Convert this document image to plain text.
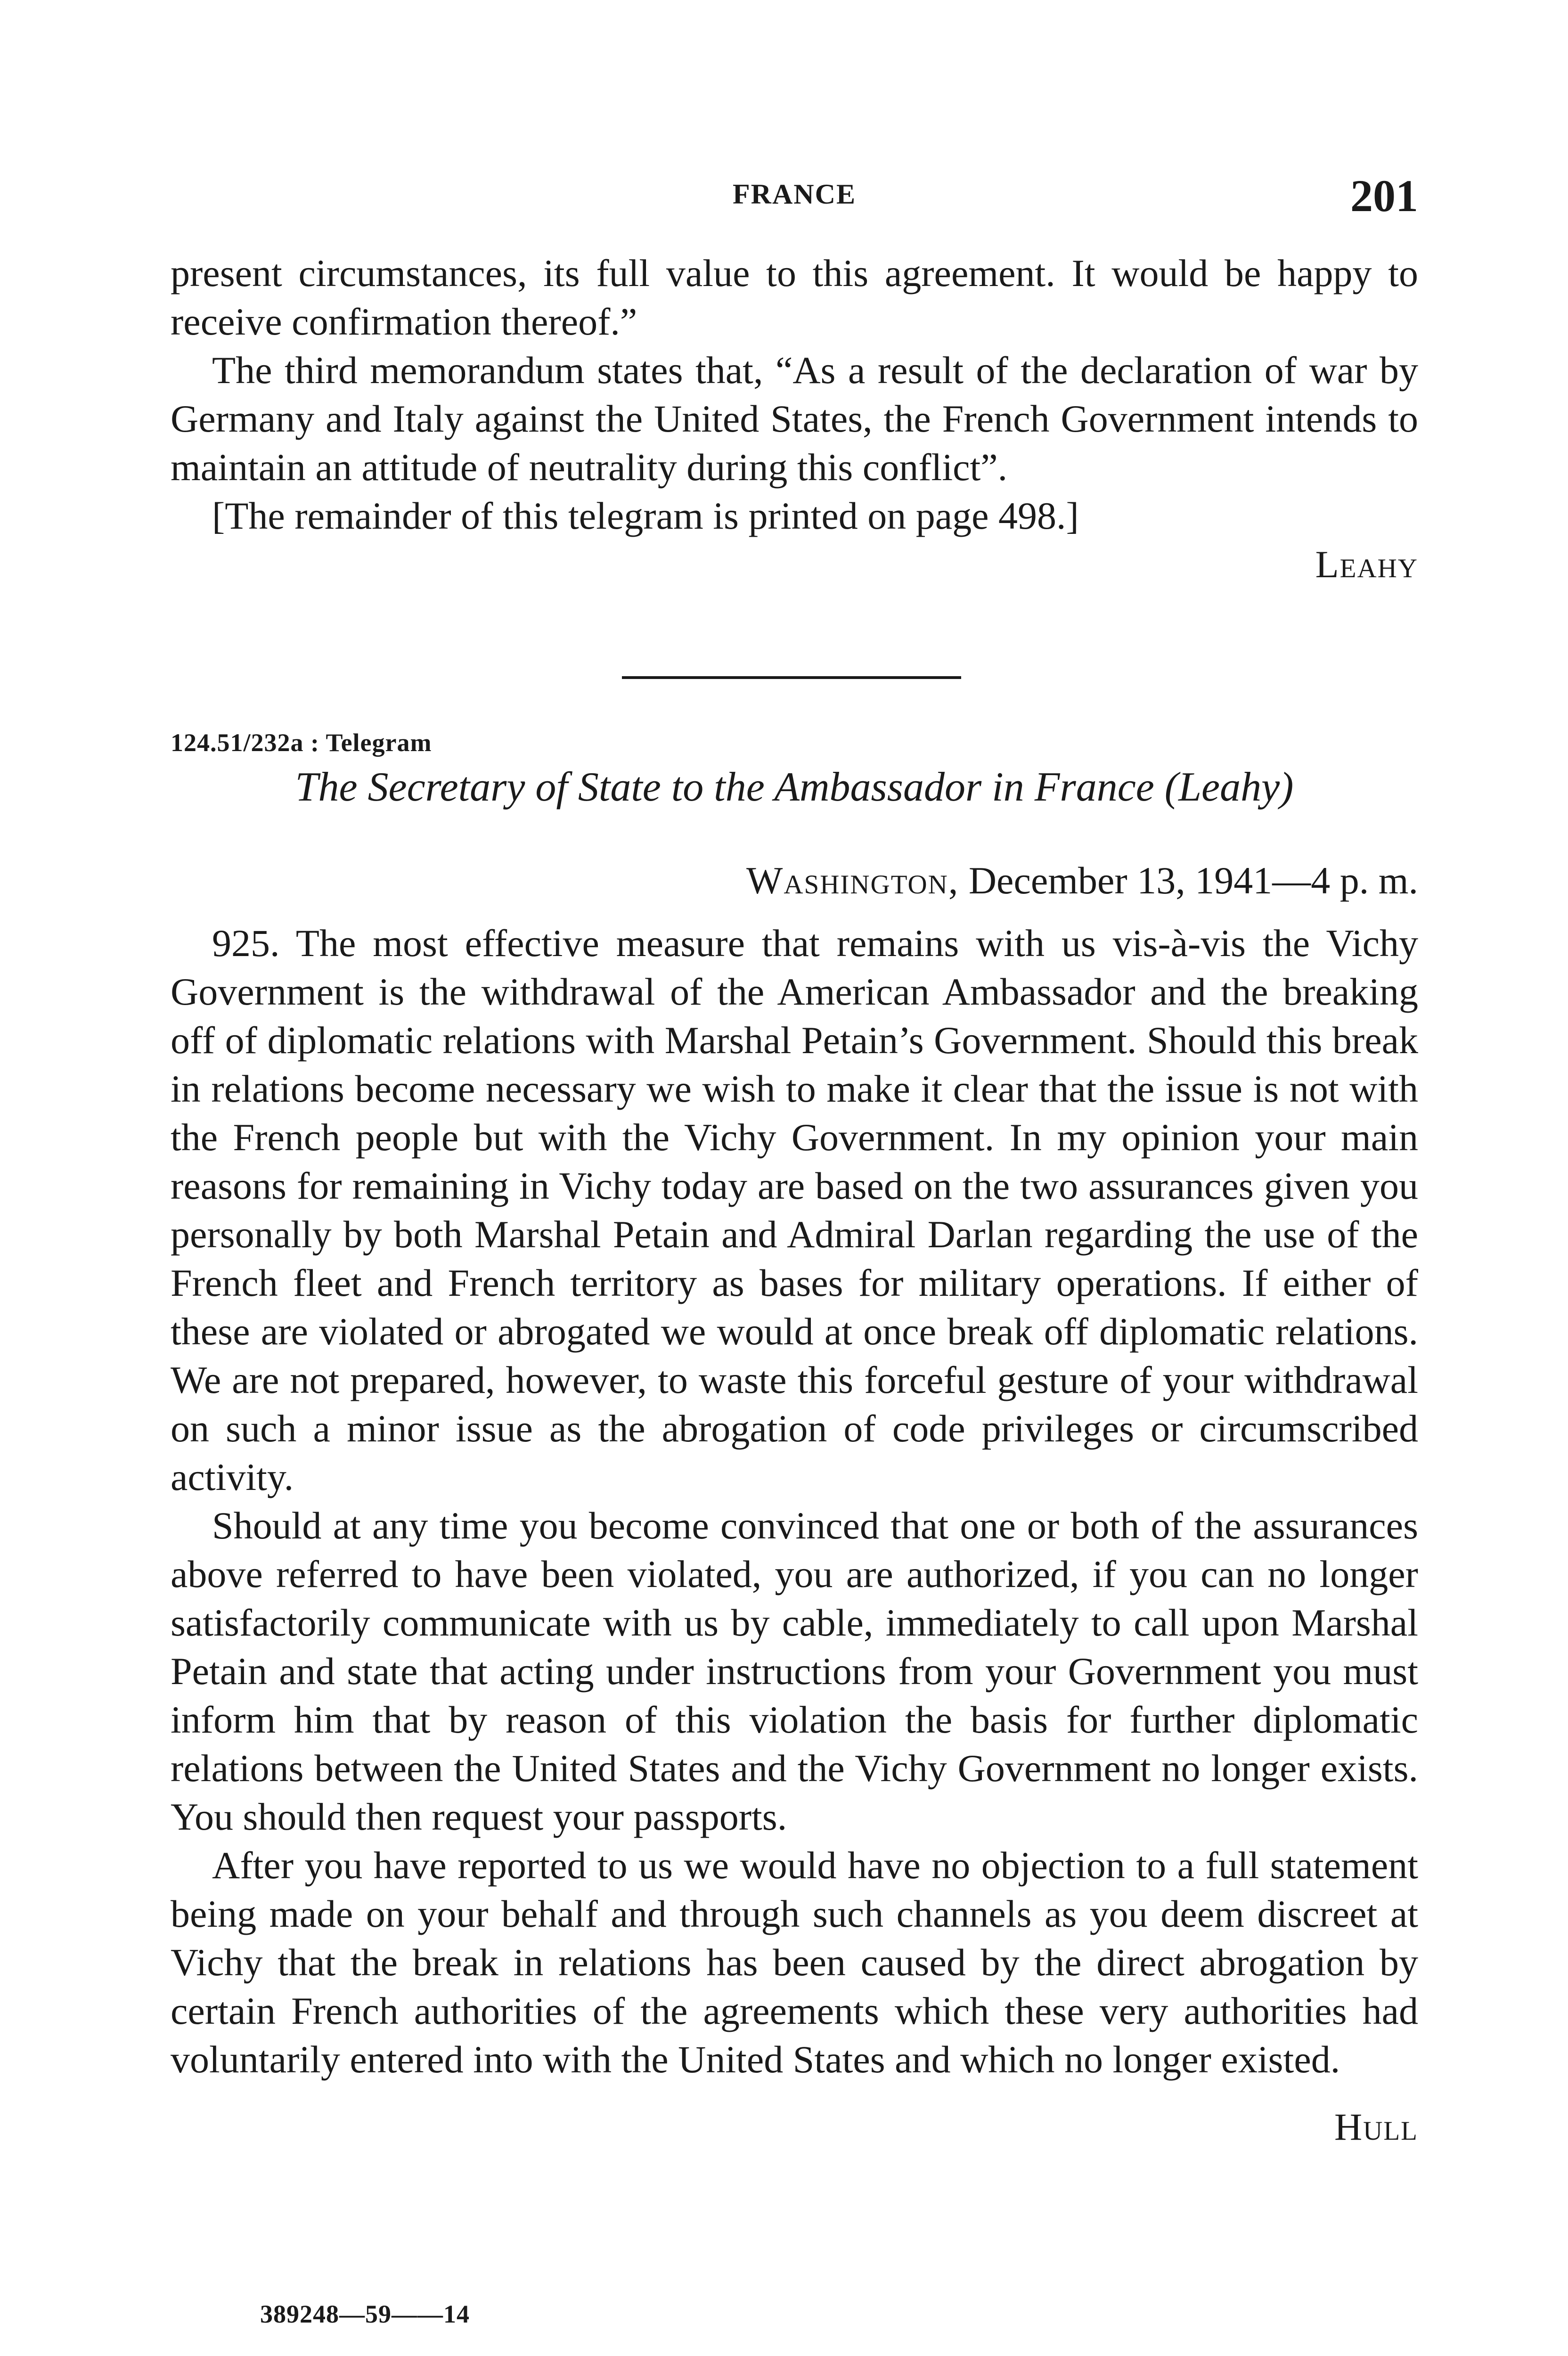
FRANCE	201

present circumstances, its full value to this agreement. It would be happy to receive confirmation thereof.”

The third memorandum states that, “As a result of the declaration of war by Germany and Italy against the United States, the French Government intends to maintain an attitude of neutrality during this conflict”.

[The remainder of this telegram is printed on page 498.]

Leahy
124.51/232a : Telegram
The Secretary of State to the Ambassador in France (Leahy)
Washington, December 13, 1941—4 p. m.

925. The most effective measure that remains with us vis-à-vis the Vichy Government is the withdrawal of the American Ambassador and the breaking off of diplomatic relations with Marshal Petain’s Government. Should this break in relations become necessary we wish to make it clear that the issue is not with the French people but with the Vichy Government. In my opinion your main reasons for remaining in Vichy today are based on the two assurances given you personally by both Marshal Petain and Admiral Darlan regarding the use of the French fleet and French territory as bases for military operations. If either of these are violated or abrogated we would at once break off diplomatic relations. We are not prepared, however, to waste this forceful gesture of your withdrawal on such a minor issue as the abrogation of code privileges or circumscribed activity.

Should at any time you become convinced that one or both of the assurances above referred to have been violated, you are authorized, if you can no longer satisfactorily communicate with us by cable, immediately to call upon Marshal Petain and state that acting under instructions from your Government you must inform him that by reason of this violation the basis for further diplomatic relations between the United States and the Vichy Government no longer exists. You should then request your passports.

After you have reported to us we would have no objection to a full statement being made on your behalf and through such channels as you deem discreet at Vichy that the break in relations has been caused by the direct abrogation by certain French authorities of the agreements which these very authorities had voluntarily entered into with the United States and which no longer existed.

Hull
389248—59——14
